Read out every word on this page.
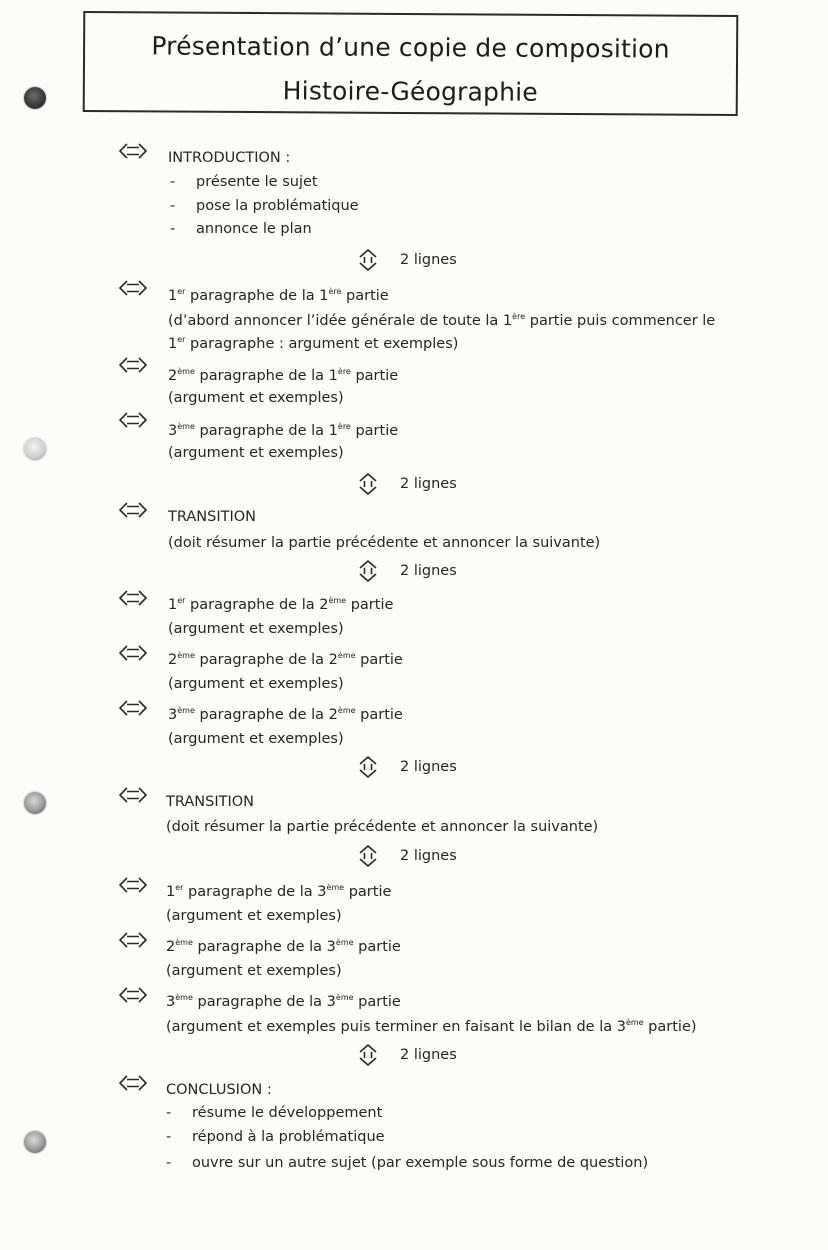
Présentation d’une copie de composition
Histoire-Géographie
INTRODUCTION :
- présente le sujet
- pose la problématique
- annonce le plan
2 lignes
1er paragraphe de la 1ère partie
(d’abord annoncer l’idée générale de toute la 1ère partie puis commencer le
1er paragraphe : argument et exemples)
2ème paragraphe de la 1ère partie
(argument et exemples)
3ème paragraphe de la 1ère partie
(argument et exemples)
2 lignes
TRANSITION
(doit résumer la partie précédente et annoncer la suivante)
2 lignes
1er paragraphe de la 2ème partie
(argument et exemples)
2ème paragraphe de la 2ème partie
(argument et exemples)
3ème paragraphe de la 2ème partie
(argument et exemples)
2 lignes
TRANSITION
(doit résumer la partie précédente et annoncer la suivante)
2 lignes
1er paragraphe de la 3ème partie
(argument et exemples)
2ème paragraphe de la 3ème partie
(argument et exemples)
3ème paragraphe de la 3ème partie
(argument et exemples puis terminer en faisant le bilan de la 3ème partie)
2 lignes
CONCLUSION :
- résume le développement
- répond à la problématique
- ouvre sur un autre sujet (par exemple sous forme de question)
